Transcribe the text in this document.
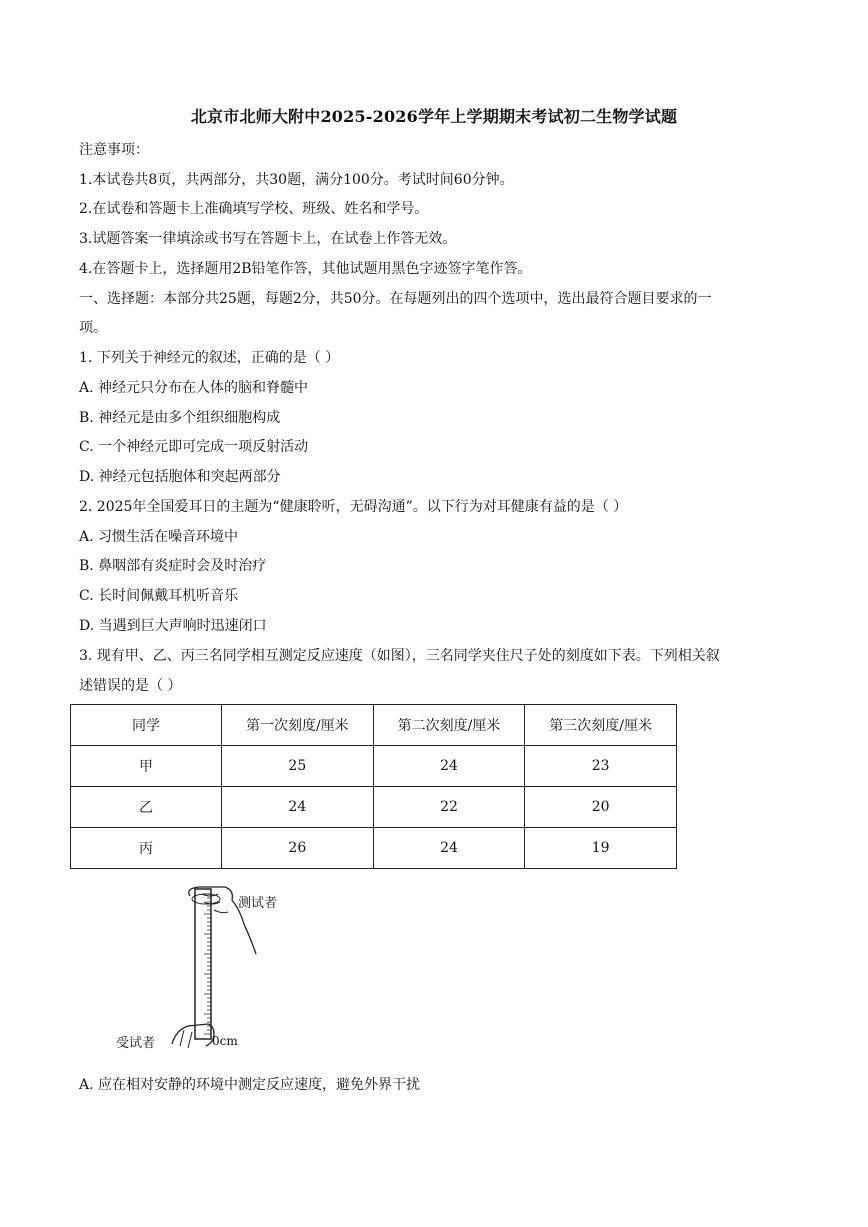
北京市北师大附中2025-2026学年上学期期末考试初二生物学试题
注意事项：
1.本试卷共8页，共两部分，共30题，满分100分。考试时间60分钟。
2.在试卷和答题卡上准确填写学校、班级、姓名和学号。
3.试题答案一律填涂或书写在答题卡上，在试卷上作答无效。
4.在答题卡上，选择题用2B铅笔作答，其他试题用黑色字迹签字笔作答。
一、选择题：本部分共25题，每题2分，共50分。在每题列出的四个选项中，选出最符合题目要求的一
项。
1. 下列关于神经元的叙述，正确的是（ ）
A. 神经元只分布在人体的脑和脊髓中
B. 神经元是由多个组织细胞构成
C. 一个神经元即可完成一项反射活动
D. 神经元包括胞体和突起两部分
2. 2025年全国爱耳日的主题为“健康聆听，无碍沟通”。以下行为对耳健康有益的是（ ）
A. 习惯生活在噪音环境中
B. 鼻咽部有炎症时会及时治疗
C. 长时间佩戴耳机听音乐
D. 当遇到巨大声响时迅速闭口
3. 现有甲、乙、丙三名同学相互测定反应速度（如图），三名同学夹住尺子处的刻度如下表。下列相关叙
述错误的是（ ）
同学	第一次刻度/厘米	第二次刻度/厘米	第三次刻度/厘米
甲	25	24	23
乙	24	22	20
丙	26	24	19
测试者
受试者	0cm
A. 应在相对安静的环境中测定反应速度，避免外界干扰
